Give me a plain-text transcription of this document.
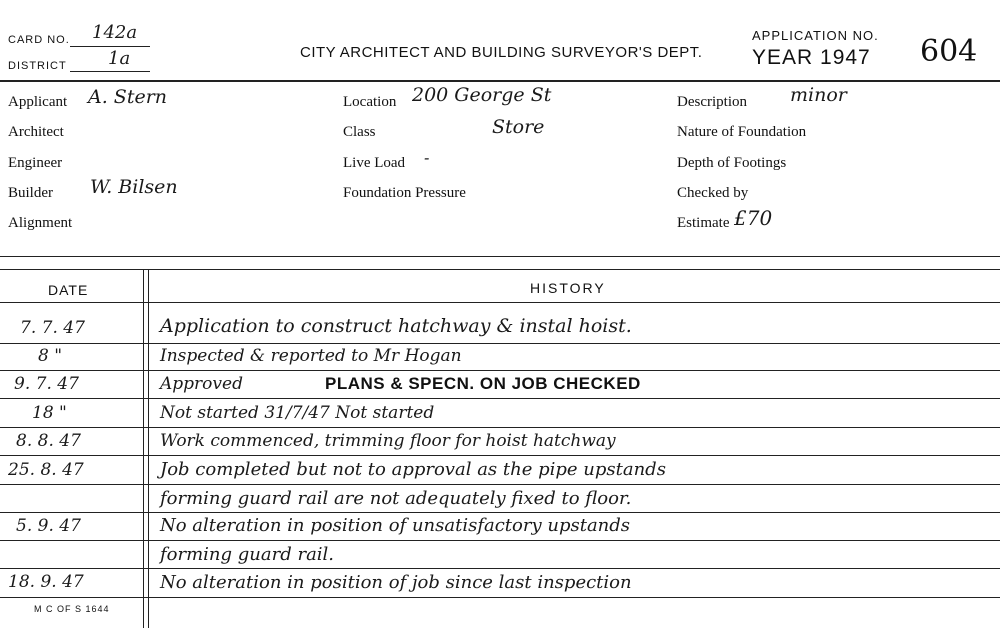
CARD NO. 142a
DISTRICT 1a	CITY ARCHITECT AND BUILDING SURVEYOR'S DEPT.
APPLICATION NO.
YEAR 1947 604
Applicant A. Stern
Architect
Engineer
Builder W. Bilsen
Alignment
Location 200 George St
Class	Store
Live Load -
Foundation Pressure
Description minor
Nature of Foundation
Depth of Footings
Checked by
Estimate £70
DATE	HISTORY
7. 7. 47	Application to construct hatchway & instal hoist.
8 "	Inspected & reported to Mr Hogan
9. 7. 47	Approved	PLANS & SPECN. ON JOB CHECKED
18 "	Not started 31/7/47 Not started
8. 8. 47	Work commenced, trimming floor for hoist hatchway
25. 8. 47	Job completed but not to approval as the pipe upstands
forming guard rail are not adequately fixed to floor.
5. 9. 47	No alteration in position of unsatisfactory upstands
forming guard rail.
18. 9. 47	No alteration in position of job since last inspection
M C OF S 1644
